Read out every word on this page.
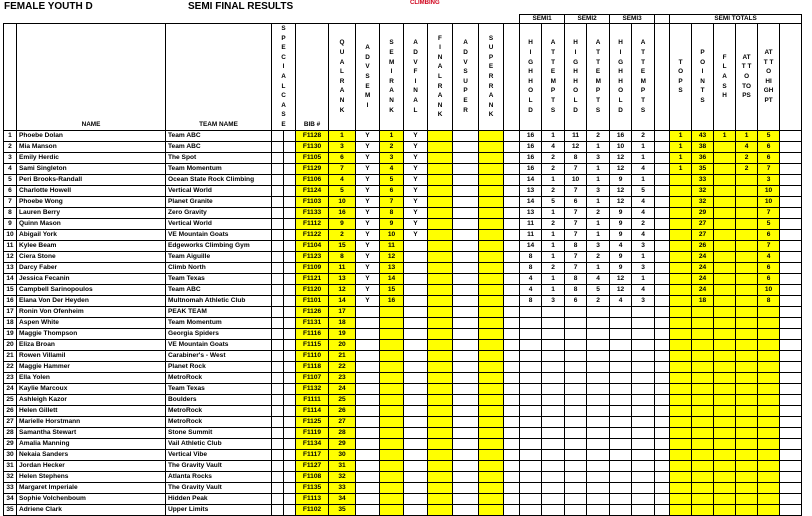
FEMALE YOUTH D	SEMI FINAL RESULTS	CLIMBING
														SEMI1		SEMI2		SEMI3			SEMI TOTALS					
	NAME	TEAM NAME	SPECIAL CASE		BIB #	QUAL RANK	ADV SEMI	SEMI RANK	ADV FINAL	FINAL RANK	ADV SUPER	SUPER RANK		HIGH HOLD	ATTEMPTS	HIGH HOLD	ATTEMPTS	HIGH HOLD	ATTEMPTS		TOPS	POINTS	FLASH	ATT TO TOPS	ATT TO HIGH PT	
1	Phoebe Dolan	Team ABC			F1128	1	Y	1	Y					16	1	11	2	16	2		1	43	1	1	5	
2	Mia Manson	Team ABC			F1130	3	Y	2	Y					16	4	12	1	10	1		1	38		4	6	
3	Emily Herdic	The Spot			F1105	6	Y	3	Y					16	2	8	3	12	1		1	36		2	6	
4	Sami Singleton	Team Momentum			F1129	7	Y	4	Y					16	2	7	1	12	4		1	35		2	7	
5	Peri Brooks-Randall	Ocean State Rock Climbing			F1106	4	Y	5	Y					14	1	10	1	9	1			33			3	
6	Charlotte Howell	Vertical World			F1124	5	Y	6	Y					13	2	7	3	12	5			32			10	
7	Phoebe Wong	Planet Granite			F1103	10	Y	7	Y					14	5	6	1	12	4			32			10	
8	Lauren Berry	Zero Gravity			F1133	16	Y	8	Y					13	1	7	2	9	4			29			7	
9	Quinn Mason	Vertical World			F1112	9	Y	9	Y					11	2	7	1	9	2			27			5	
10	Abigail York	VE Mountain Goats			F1122	2	Y	10	Y					11	1	7	1	9	4			27			6	
11	Kylee Beam	Edgeworks Climbing Gym			F1104	15	Y	11						14	1	8	3	4	3			26			7	
12	Ciera Stone	Team Aiguille			F1123	8	Y	12						8	1	7	2	9	1			24			4	
13	Darcy Faber	Climb North			F1109	11	Y	13						8	2	7	1	9	3			24			6	
14	Jessica Fecanin	Team Texas			F1121	13	Y	14						4	1	8	4	12	1			24			6	
15	Campbell Sarinopoulos	Team ABC			F1120	12	Y	15						4	1	8	5	12	4			24			10	
16	Elana Von Der Heyden	Multnomah Athletic Club			F1101	14	Y	16						8	3	6	2	4	3			18			8	
17	Ronin Von Ofenheim	PEAK TEAM			F1126	17																				
18	Aspen White	Team Momentum			F1131	18																				
19	Maggie Thompson	Georgia Spiders			F1116	19																				
20	Eliza Broan	VE Mountain Goats			F1115	20																				
21	Rowen Villamil	Carabiner's - West			F1110	21																				
22	Maggie Hammer	Planet Rock			F1118	22																				
23	Ella Yolen	MetroRock			F1107	23																				
24	Kaylie Marcoux	Team Texas			F1132	24																				
25	Ashleigh Kazor	Boulders			F1111	25																				
26	Helen Gillett	MetroRock			F1114	26																				
27	Marielle Horstmann	MetroRock			F1125	27																				
28	Samantha Stewart	Stone Summit			F1119	28																				
29	Amalia Manning	Vail Athletic Club			F1134	29																				
30	Nekaia Sanders	Vertical Vibe			F1117	30																				
31	Jordan Hecker	The Gravity Vault			F1127	31																				
32	Helen Stephens	Atlanta Rocks			F1108	32																				
33	Margaret Imperiale	The Gravity Vault			F1135	33																				
34	Sophie Volchenboum	Hidden Peak			F1113	34																				
35	Adriene Clark	Upper Limits			F1102	35																				
